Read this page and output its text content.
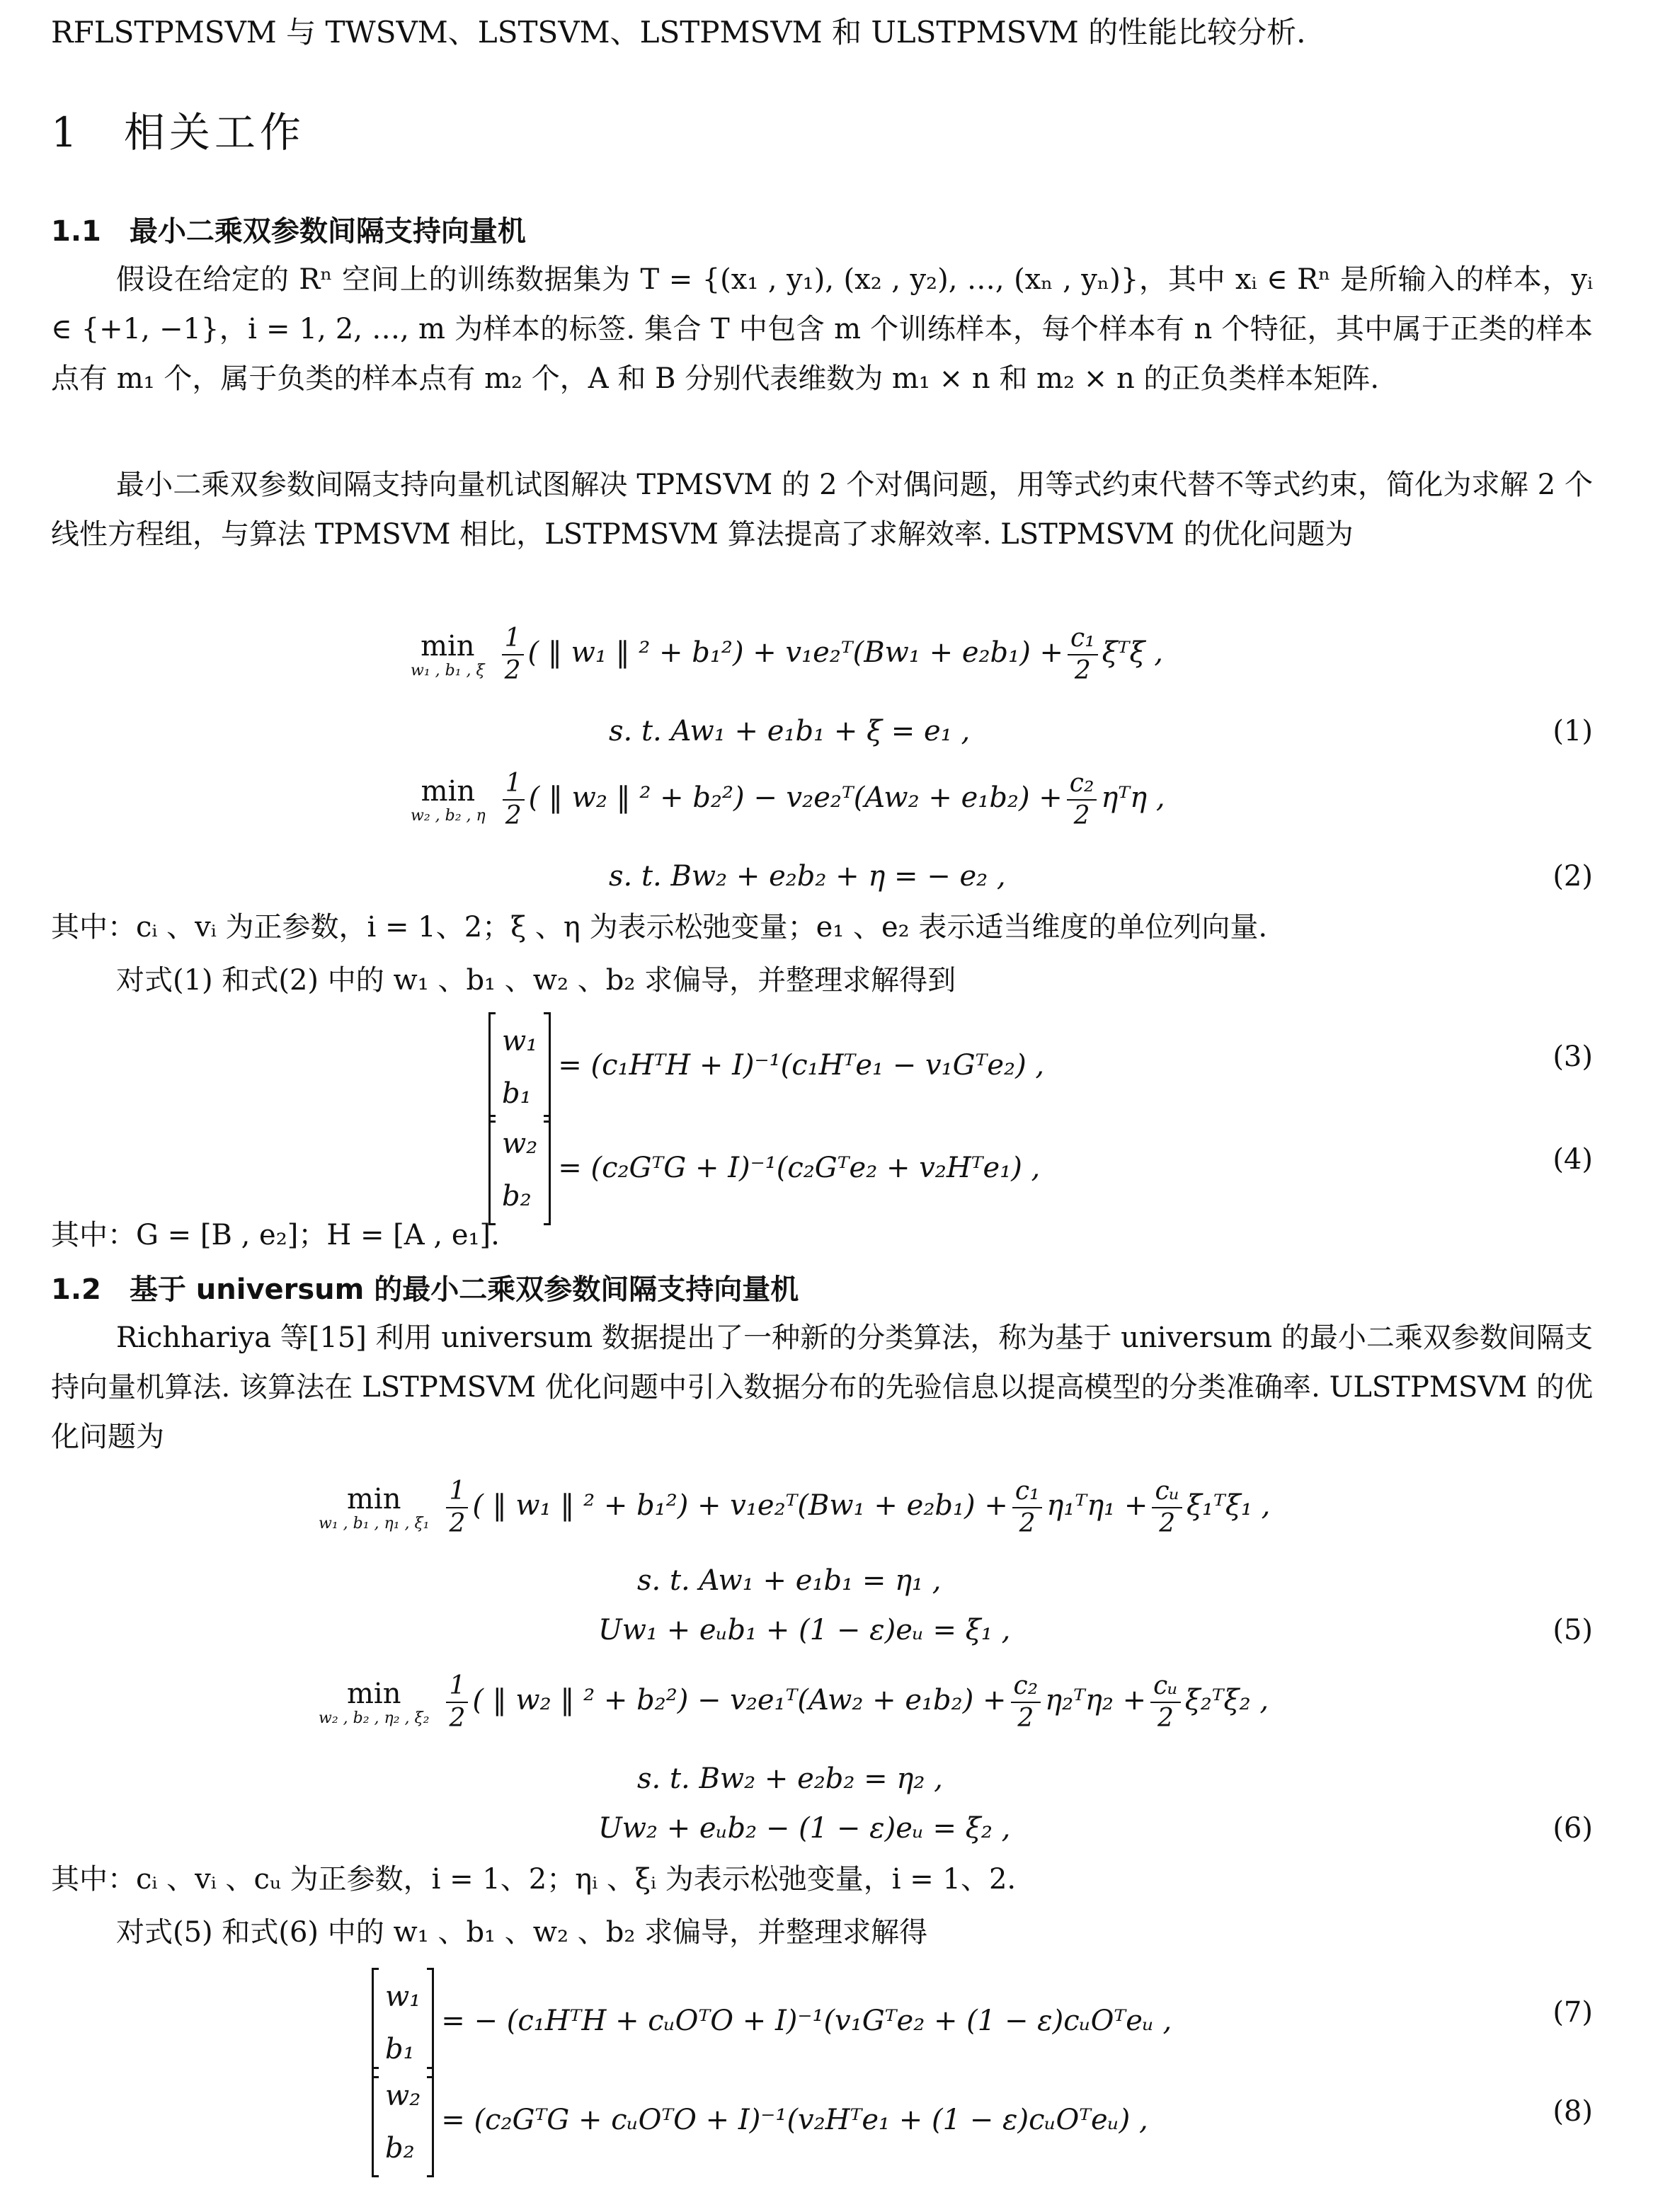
RFLSTPMSVM 与 TWSVM、LSTSVM、LSTPMSVM 和 ULSTPMSVM 的性能比较分析.
1 相关工作
1.1 最小二乘双参数间隔支持向量机
假设在给定的 Rⁿ 空间上的训练数据集为 T = {(x₁ , y₁), (x₂ , y₂), …, (xₙ , yₙ)}，其中 xᵢ ∈ Rⁿ 是所输入的样本，yᵢ ∈ {+1, −1}，i = 1, 2, …, m 为样本的标签. 集合 T 中包含 m 个训练样本，每个样本有 n 个特征，其中属于正类的样本点有 m₁ 个，属于负类的样本点有 m₂ 个，A 和 B 分别代表维数为 m₁ × n 和 m₂ × n 的正负类样本矩阵.
最小二乘双参数间隔支持向量机试图解决 TPMSVM 的 2 个对偶问题，用等式约束代替不等式约束，简化为求解 2 个线性方程组，与算法 TPMSVM 相比，LSTPMSVM 算法提高了求解效率. LSTPMSVM 的优化问题为
min
w₁ , b₁ , ξ $\frac{1}{2}$ ( ‖ w₁ ‖ ² + b₁²) + v₁e₂ᵀ(Bw₁ + $e_2b_1) + \frac{\text{c₁}}{2}$ ξᵀξ ,
s. t. Aw₁ + e₁b₁ + ξ = e₁ ,	(1)
min
w₂ , b₂ , η $\frac{1}{2}$ ( ‖ w₂ ‖ ² + b₂²) − v₂e₂ᵀ(Aw₂ + $e_1b_2) + \frac{\text{c₂}}{2}$ ηᵀη ,
s. t. Bw₂ + e₂b₂ + η = − e₂ ,	(2)
其中：cᵢ 、vᵢ 为正参数，i = 1、2；ξ 、η 为表示松弛变量；e₁ 、e₂ 表示适当维度的单位列向量.
对式(1) 和式(2) 中的 w₁ 、b₁ 、w₂ 、b₂ 求偏导，并整理求解得到
w₁
b₁
= (c₁HᵀH + I)⁻¹(c₁Hᵀe₁ − v₁Gᵀe₂) ,	(3)
w₂
b₂
= (c₂GᵀG + I)⁻¹(c₂Gᵀe₂ + v₂Hᵀe₁) ,	(4)
其中：G = [B , e₂]；H = [A , e₁].
1.2 基于 universum 的最小二乘双参数间隔支持向量机
Richhariya 等[15] 利用 universum 数据提出了一种新的分类算法，称为基于 universum 的最小二乘双参数间隔支持向量机算法. 该算法在 LSTPMSVM 优化问题中引入数据分布的先验信息以提高模型的分类准确率. ULSTPMSVM 的优化问题为
min
w₁ , b₁ , η₁ , $\xi_1 \frac{1}{2}$ ( ‖ w₁ ‖ ² + b₁²) + v₁e₂ᵀ(Bw₁ + $e_2b_1) + \frac{\text{c₁}}{2}$ η₁ᵀη₁ + $\frac{\text{cᵤ}}{2}$ ξ₁ᵀξ₁ ,
s. t. Aw₁ + e₁b₁ = η₁ ,
Uw₁ + eᵤb₁ + (1 − ε)eᵤ = ξ₁ ,	(5)
min
w₂ , b₂ , η₂ , $\xi_2 \frac{1}{2}$ ( ‖ w₂ ‖ ² + b₂²) − v₂e₁ᵀ(Aw₂ + $e_1b_2) + \frac{\text{c₂}}{2}$ η₂ᵀη₂ + $\frac{\text{cᵤ}}{2}$ ξ₂ᵀξ₂ ,
s. t. Bw₂ + e₂b₂ = η₂ ,
Uw₂ + eᵤb₂ − (1 − ε)eᵤ = ξ₂ ,	(6)
其中：cᵢ 、vᵢ 、cᵤ 为正参数，i = 1、2；ηᵢ 、ξᵢ 为表示松弛变量，i = 1、2.
对式(5) 和式(6) 中的 w₁ 、b₁ 、w₂ 、b₂ 求偏导，并整理求解得
w₁
b₁
= − (c₁HᵀH + cᵤOᵀO + I)⁻¹(v₁Gᵀe₂ + (1 − ε)cᵤOᵀeᵤ ,	(7)
w₂
b₂
= (c₂GᵀG + cᵤOᵀO + I)⁻¹(v₂Hᵀe₁ + (1 − ε)cᵤOᵀeᵤ) ,	(8)
